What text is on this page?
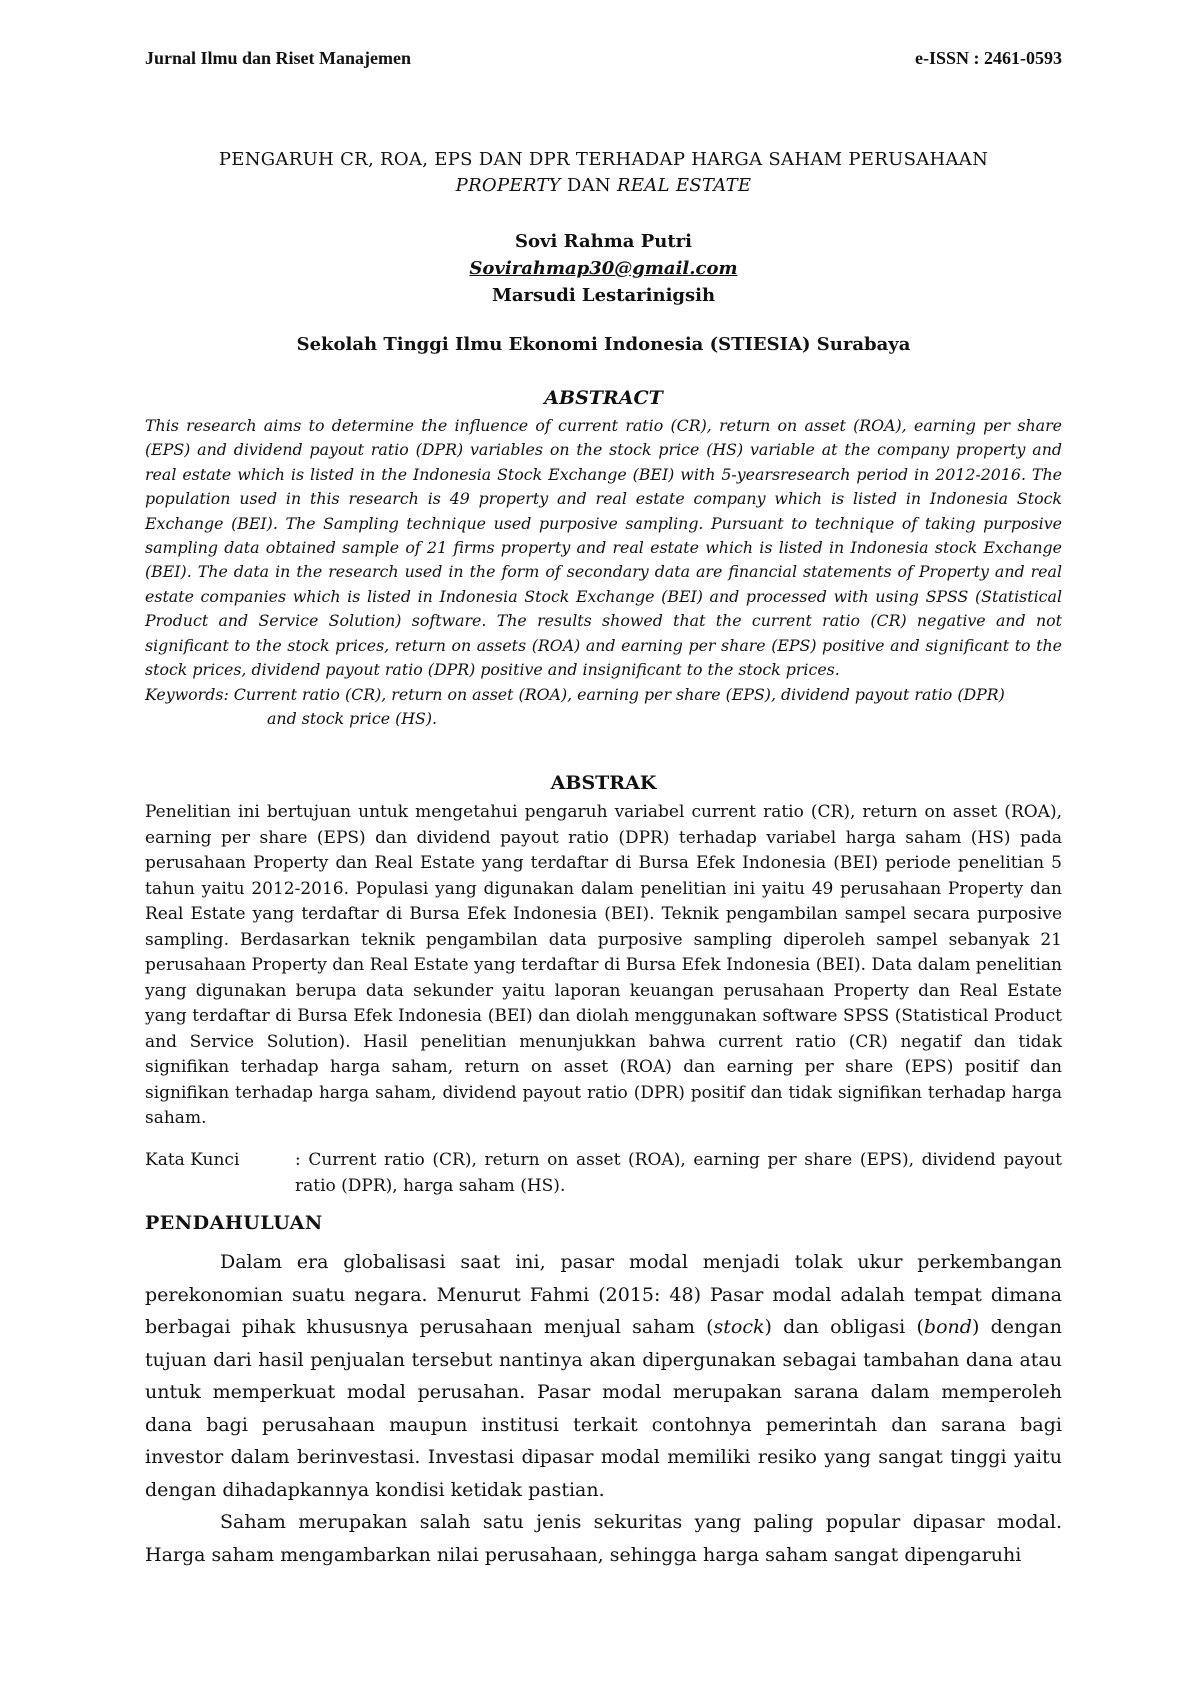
Jurnal Ilmu dan Riset Manajemen	e-ISSN : 2461-0593
PENGARUH CR, ROA, EPS DAN DPR TERHADAP HARGA SAHAM PERUSAHAAN
PROPERTY DAN REAL ESTATE
Sovi Rahma Putri
Sovirahmap30@gmail.com
Marsudi Lestarinigsih
Sekolah Tinggi Ilmu Ekonomi Indonesia (STIESIA) Surabaya
ABSTRACT
This research aims to determine the influence of current ratio (CR), return on asset (ROA), earning per share (EPS) and dividend payout ratio (DPR) variables on the stock price (HS) variable at the company property and real estate which is listed in the Indonesia Stock Exchange (BEI) with 5-yearsresearch period in 2012-2016. The population used in this research is 49 property and real estate company which is listed in Indonesia Stock Exchange (BEI). The Sampling technique used purposive sampling. Pursuant to technique of taking purposive sampling data obtained sample of 21 firms property and real estate which is listed in Indonesia stock Exchange (BEI). The data in the research used in the form of secondary data are financial statements of Property and real estate companies which is listed in Indonesia Stock Exchange (BEI) and processed with using SPSS (Statistical Product and Service Solution) software. The results showed that the current ratio (CR) negative and not significant to the stock prices, return on assets (ROA) and earning per share (EPS) positive and significant to the stock prices, dividend payout ratio (DPR) positive and insignificant to the stock prices.
Keywords: Current ratio (CR), return on asset (ROA), earning per share (EPS), dividend payout ratio (DPR)
and stock price (HS).
ABSTRAK
Penelitian ini bertujuan untuk mengetahui pengaruh variabel current ratio (CR), return on asset (ROA), earning per share (EPS) dan dividend payout ratio (DPR) terhadap variabel harga saham (HS) pada perusahaan Property dan Real Estate yang terdaftar di Bursa Efek Indonesia (BEI) periode penelitian 5 tahun yaitu 2012-2016. Populasi yang digunakan dalam penelitian ini yaitu 49 perusahaan Property dan Real Estate yang terdaftar di Bursa Efek Indonesia (BEI). Teknik pengambilan sampel secara purposive sampling. Berdasarkan teknik pengambilan data purposive sampling diperoleh sampel sebanyak 21 perusahaan Property dan Real Estate yang terdaftar di Bursa Efek Indonesia (BEI). Data dalam penelitian yang digunakan berupa data sekunder yaitu laporan keuangan perusahaan Property dan Real Estate yang terdaftar di Bursa Efek Indonesia (BEI) dan diolah menggunakan software SPSS (Statistical Product and Service Solution). Hasil penelitian menunjukkan bahwa current ratio (CR) negatif dan tidak signifikan terhadap harga saham, return on asset (ROA) dan earning per share (EPS) positif dan signifikan terhadap harga saham, dividend payout ratio (DPR) positif dan tidak signifikan terhadap harga saham.
Kata Kunci	: Current ratio (CR), return on asset (ROA), earning per share (EPS), dividend payout ratio (DPR), harga saham (HS).
PENDAHULUAN

Dalam era globalisasi saat ini, pasar modal menjadi tolak ukur perkembangan perekonomian suatu negara. Menurut Fahmi (2015: 48) Pasar modal adalah tempat dimana berbagai pihak khususnya perusahaan menjual saham (stock) dan obligasi (bond) dengan tujuan dari hasil penjualan tersebut nantinya akan dipergunakan sebagai tambahan dana atau untuk memperkuat modal perusahan. Pasar modal merupakan sarana dalam memperoleh dana bagi perusahaan maupun institusi terkait contohnya pemerintah dan sarana bagi investor dalam berinvestasi. Investasi dipasar modal memiliki resiko yang sangat tinggi yaitu dengan dihadapkannya kondisi ketidak pastian.

Saham merupakan salah satu jenis sekuritas yang paling popular dipasar modal. Harga saham mengambarkan nilai perusahaan, sehingga harga saham sangat dipengaruhi
